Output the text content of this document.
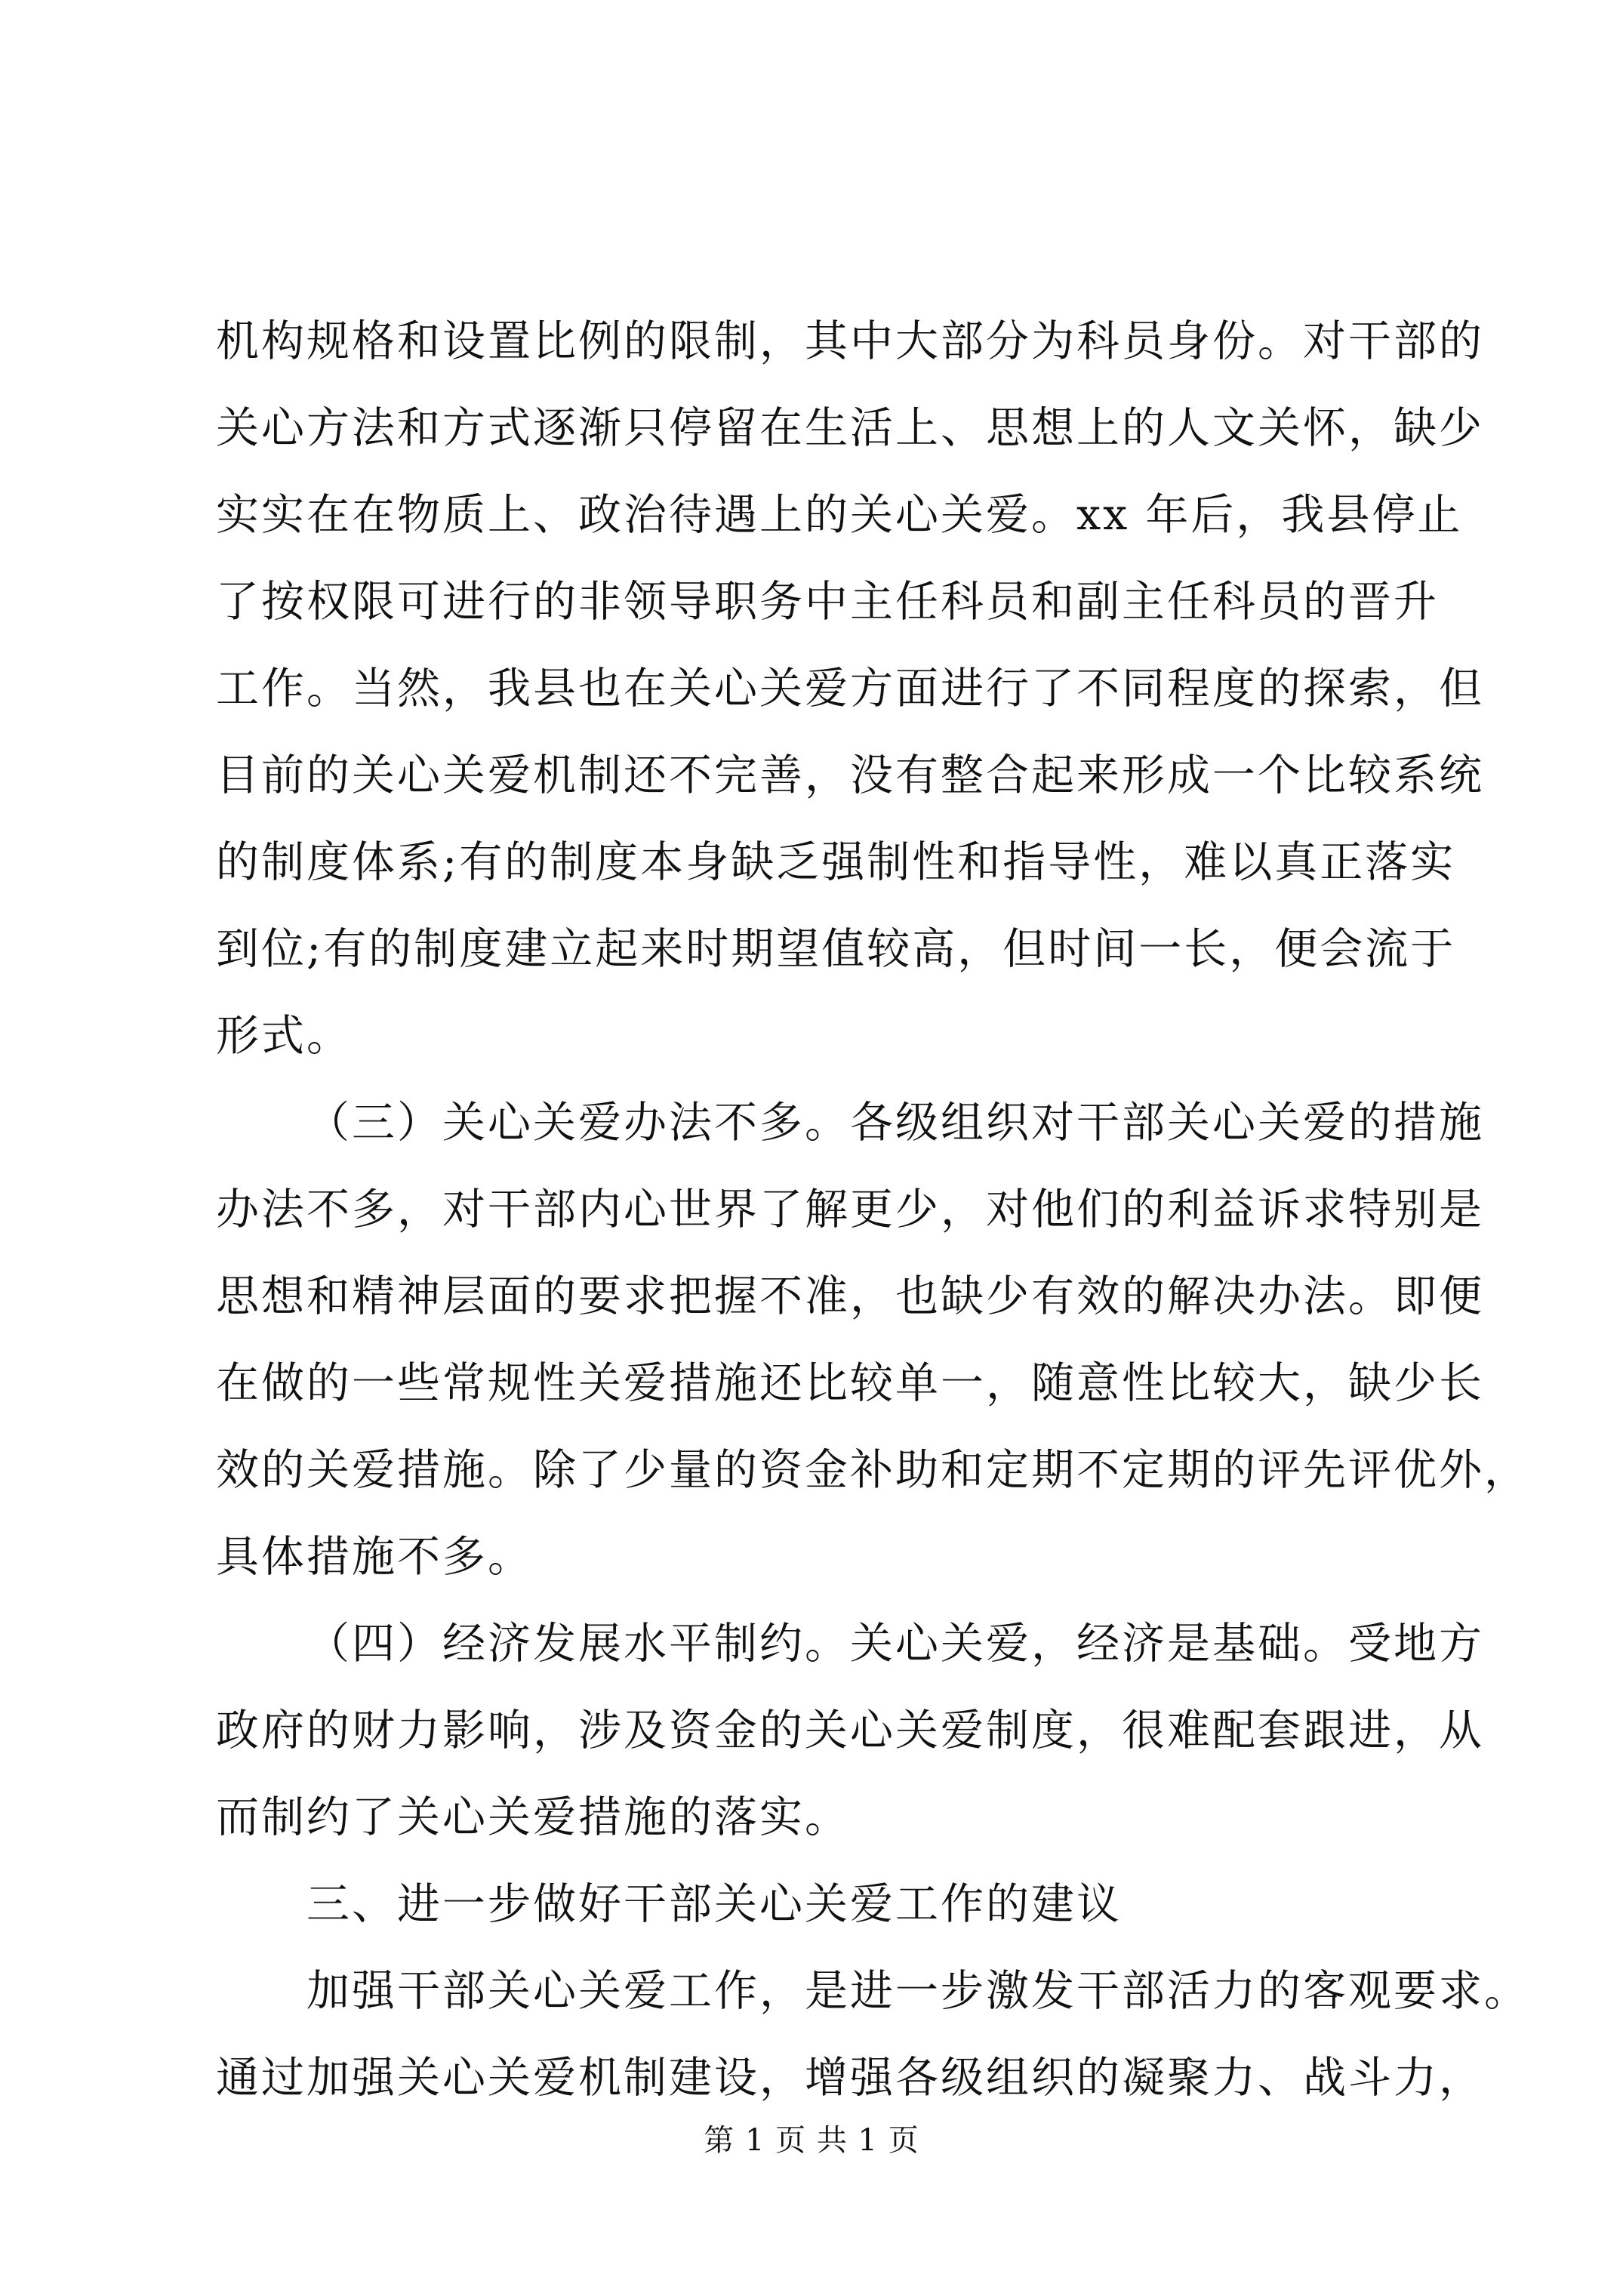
机构规格和设置比例的限制，其中大部分为科员身份。对干部的
关心方法和方式逐渐只停留在生活上、思想上的人文关怀，缺少
实实在在物质上、政治待遇上的关心关爱。xx 年后，我县停止
了按权限可进行的非领导职务中主任科员和副主任科员的晋升
工作。当然，我县也在关心关爱方面进行了不同程度的探索，但
目前的关心关爱机制还不完善，没有整合起来形成一个比较系统
的制度体系;有的制度本身缺乏强制性和指导性，难以真正落实
到位;有的制度建立起来时期望值较高，但时间一长，便会流于
形式。
（三）关心关爱办法不多。各级组织对干部关心关爱的措施
办法不多，对干部内心世界了解更少，对他们的利益诉求特别是
思想和精神层面的要求把握不准，也缺少有效的解决办法。即便
在做的一些常规性关爱措施还比较单一，随意性比较大，缺少长
效的关爱措施。除了少量的资金补助和定期不定期的评先评优外，
具体措施不多。
（四）经济发展水平制约。关心关爱，经济是基础。受地方
政府的财力影响，涉及资金的关心关爱制度，很难配套跟进，从
而制约了关心关爱措施的落实。
三、进一步做好干部关心关爱工作的建议
加强干部关心关爱工作，是进一步激发干部活力的客观要求。
通过加强关心关爱机制建设，增强各级组织的凝聚力、战斗力，
第 1 页 共 1 页
